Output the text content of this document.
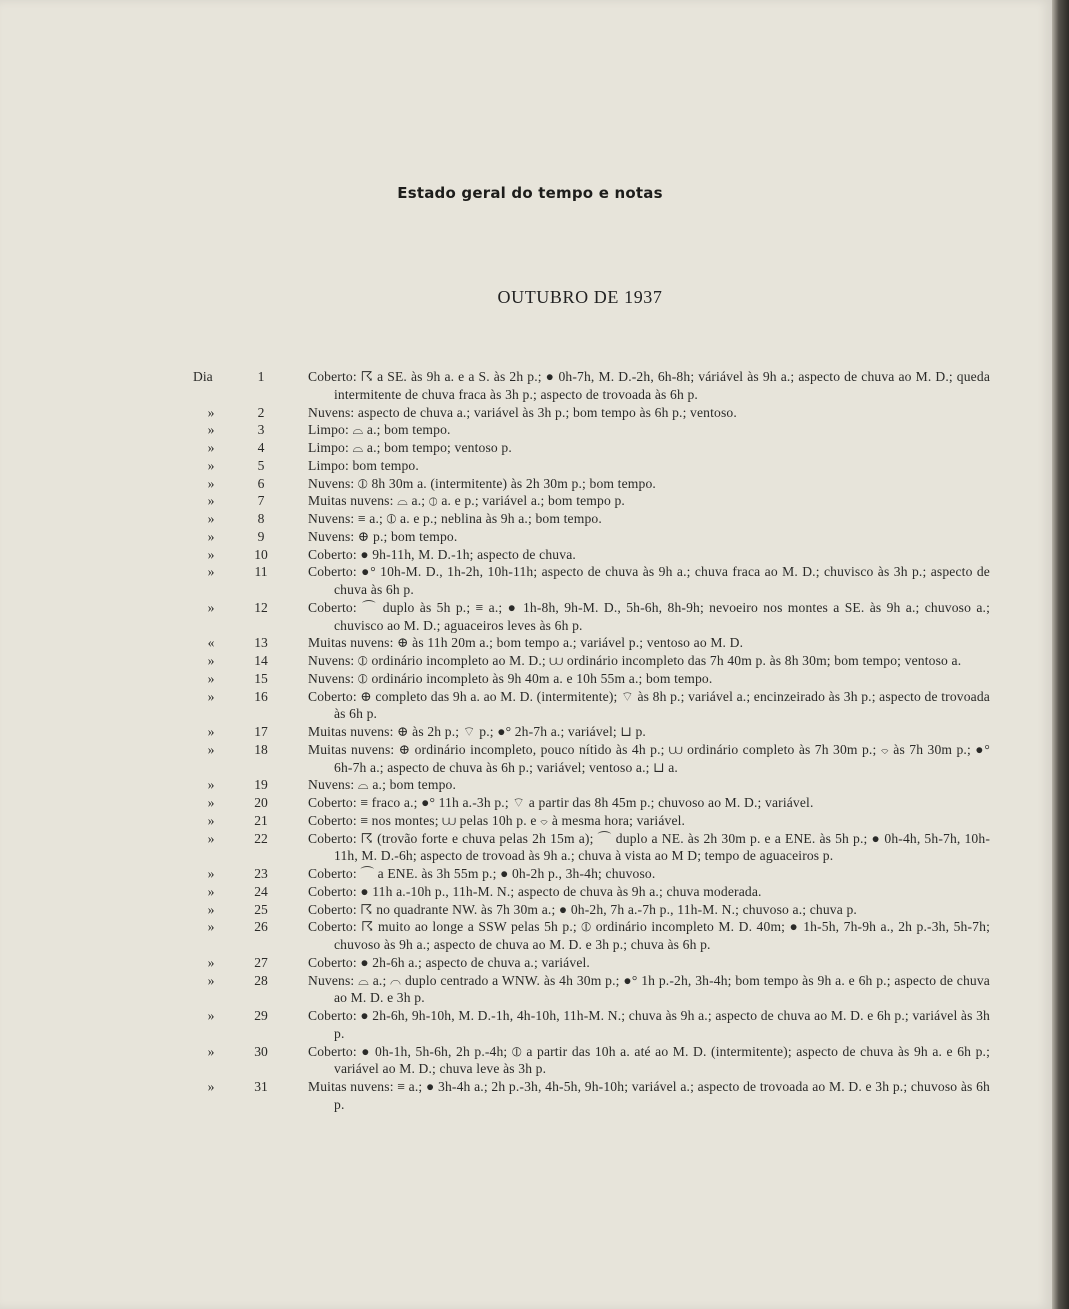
Estado geral do tempo e notas
OUTUBRO DE 1937
Dia	1	Coberto: ☈ a SE. às 9h a. e a S. às 2h p.; ● 0h-7h, M. D.-2h, 6h-8h; váriável às 9h a.; aspecto de chuva ao M. D.; queda intermitente de chuva fraca às 3h p.; aspecto de trovoada às 6h p.
»	2	Nuvens: aspecto de chuva a.; variável às 3h p.; bom tempo às 6h p.; ventoso.
»	3	Limpo: ⌓ a.; bom tempo.
»	4	Limpo: ⌓ a.; bom tempo; ventoso p.
»	5	Limpo: bom tempo.
»	6	Nuvens: ⦶ 8h 30m a. (intermitente) às 2h 30m p.; bom tempo.
»	7	Muitas nuvens: ⌓ a.; ⦶ a. e p.; variável a.; bom tempo p.
»	8	Nuvens: ≡ a.; ⦶ a. e p.; neblina às 9h a.; bom tempo.
»	9	Nuvens: ⊕ p.; bom tempo.
»	10	Coberto: ● 9h-11h, M. D.-1h; aspecto de chuva.
»	11	Coberto: ●° 10h-M. D., 1h-2h, 10h-11h; aspecto de chuva às 9h a.; chuva fraca ao M. D.; chuvisco às 3h p.; aspecto de chuva às 6h p.
»	12	Coberto: ⌒ duplo às 5h p.; ≡ a.; ● 1h-8h, 9h-M. D., 5h-6h, 8h-9h; nevoeiro nos montes a SE. às 9h a.; chuvoso a.; chuvisco ao M. D.; aguaceiros leves às 6h p.
«	13	Muitas nuvens: ⊕ às 11h 20m a.; bom tempo a.; variável p.; ventoso ao M. D.
»	14	Nuvens: ⦶ ordinário incompleto ao M. D.; ⩊ ordinário incompleto das 7h 40m p. às 8h 30m; bom tempo; ventoso a.
»	15	Nuvens: ⦶ ordinário incompleto às 9h 40m a. e 10h 55m a.; bom tempo.
»	16	Coberto: ⊕ completo das 9h a. ao M. D. (intermitente); ⌔ às 8h p.; variável a.; encinzeirado às 3h p.; aspecto de trovoada às 6h p.
»	17	Muitas nuvens: ⊕ às 2h p.; ⌔ p.; ●° 2h-7h a.; variável; ⊔ p.
»	18	Muitas nuvens: ⊕ ordinário incompleto, pouco nítido às 4h p.; ⩊ ordinário completo às 7h 30m p.; ⌔ às 7h 30m p.; ●° 6h-7h a.; aspecto de chuva às 6h p.; variável; ventoso a.; ⊔ a.
»	19	Nuvens: ⌓ a.; bom tempo.
»	20	Coberto: ≡ fraco a.; ●° 11h a.-3h p.; ⌔ a partir das 8h 45m p.; chuvoso ao M. D.; variável.
»	21	Coberto: ≡ nos montes; ⩊ pelas 10h p. e ⌔ à mesma hora; variável.
»	22	Coberto: ☈ (trovão forte e chuva pelas 2h 15m a); ⌒ duplo a NE. às 2h 30m p. e a ENE. às 5h p.; ● 0h-4h, 5h-7h, 10h-11h, M. D.-6h; aspecto de trovoad às 9h a.; chuva à vista ao M D; tempo de aguaceiros p.
»	23	Coberto: ⌒ a ENE. às 3h 55m p.; ● 0h-2h p., 3h-4h; chuvoso.
»	24	Coberto: ● 11h a.-10h p., 11h-M. N.; aspecto de chuva às 9h a.; chuva moderada.
»	25	Coberto: ☈ no quadrante NW. às 7h 30m a.; ● 0h-2h, 7h a.-7h p., 11h-M. N.; chuvoso a.; chuva p.
»	26	Coberto: ☈ muito ao longe a SSW pelas 5h p.; ⦶ ordinário incompleto M. D. 40m; ● 1h-5h, 7h-9h a., 2h p.-3h, 5h-7h; chuvoso às 9h a.; aspecto de chuva ao M. D. e 3h p.; chuva às 6h p.
»	27	Coberto: ● 2h-6h a.; aspecto de chuva a.; variável.
»	28	Nuvens: ⌓ a.; ⌒ duplo centrado a WNW. às 4h 30m p.; ●° 1h p.-2h, 3h-4h; bom tempo às 9h a. e 6h p.; aspecto de chuva ao M. D. e 3h p.
»	29	Coberto: ● 2h-6h, 9h-10h, M. D.-1h, 4h-10h, 11h-M. N.; chuva às 9h a.; aspecto de chuva ao M. D. e 6h p.; variável às 3h p.
»	30	Coberto: ● 0h-1h, 5h-6h, 2h p.-4h; ⦶ a partir das 10h a. até ao M. D. (intermitente); aspecto de chuva às 9h a. e 6h p.; variável ao M. D.; chuva leve às 3h p.
»	31	Muitas nuvens: ≡ a.; ● 3h-4h a.; 2h p.-3h, 4h-5h, 9h-10h; variável a.; aspecto de trovoada ao M. D. e 3h p.; chuvoso às 6h p.
